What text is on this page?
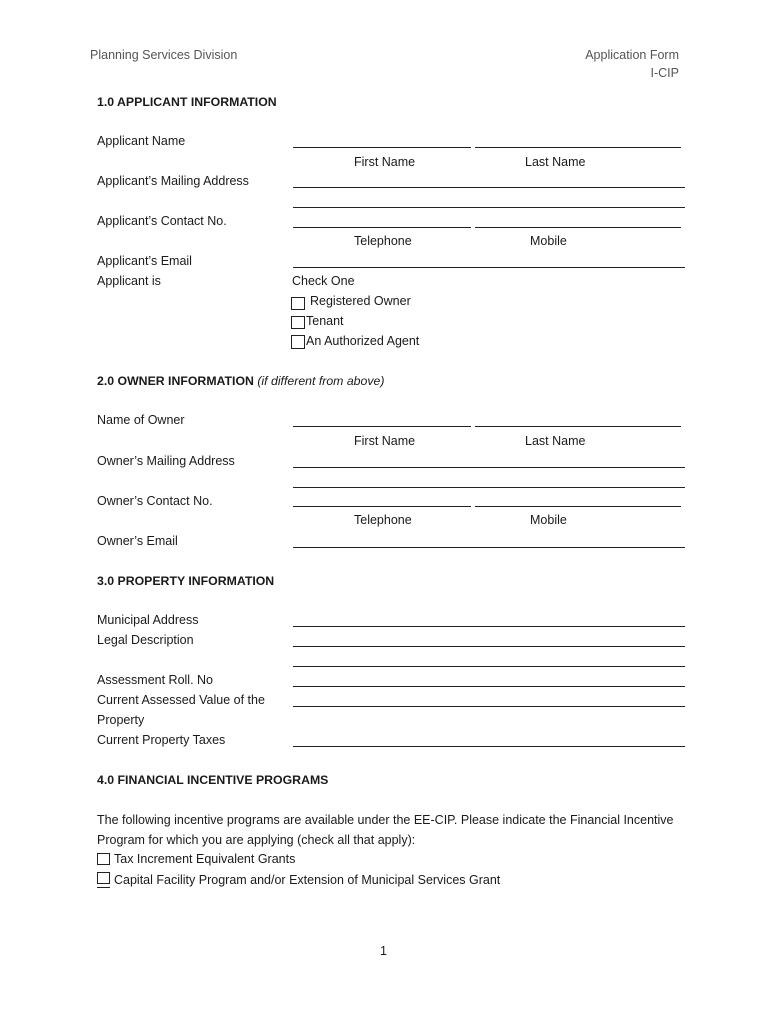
Planning Services Division	Application Form
I-CIP
1.0 APPLICANT INFORMATION
Applicant Name
First Name	Last Name
Applicant’s Mailing Address
Applicant’s Contact No.
Telephone	Mobile
Applicant’s Email
Applicant is	Check One
Registered Owner
Tenant
An Authorized Agent
2.0 OWNER INFORMATION (if different from above)
Name of Owner
First Name	Last Name
Owner’s Mailing Address
Owner’s Contact No.
Telephone	Mobile
Owner’s Email
3.0 PROPERTY INFORMATION
Municipal Address
Legal Description
Assessment Roll. No
Current Assessed Value of the
Property
Current Property Taxes
4.0 FINANCIAL INCENTIVE PROGRAMS
The following incentive programs are available under the EE-CIP. Please indicate the Financial Incentive
Program for which you are applying (check all that apply):
Tax Increment Equivalent Grants
Capital Facility Program and/or Extension of Municipal Services Grant
1
